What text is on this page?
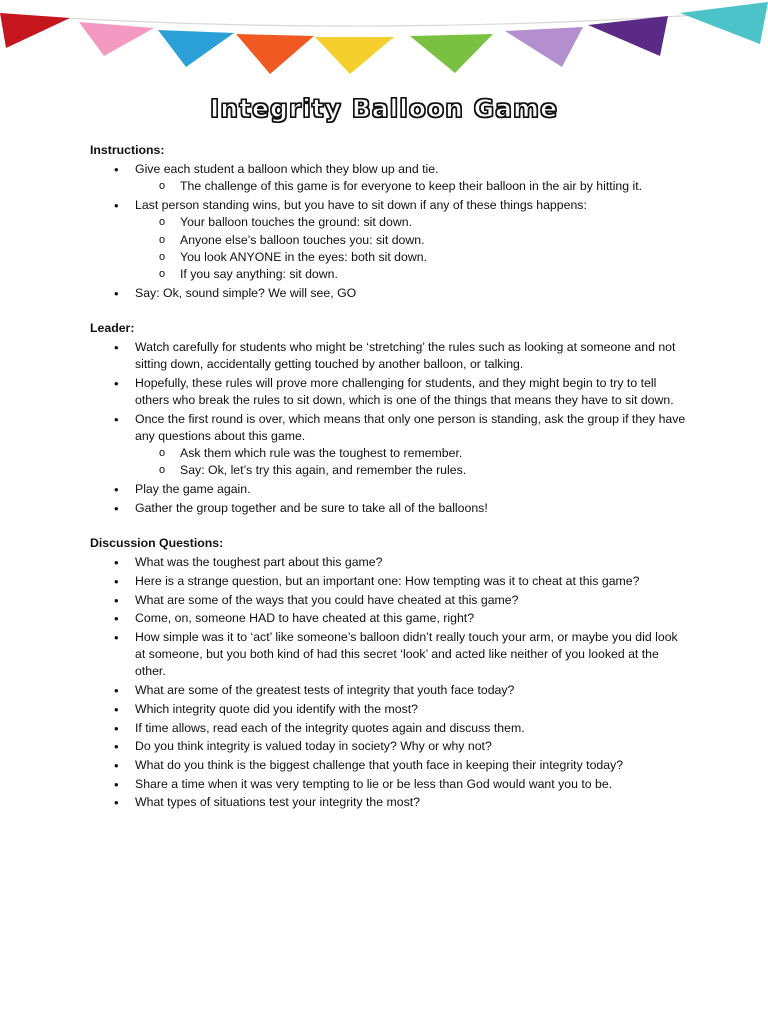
Integrity Balloon Game
Instructions:
• Give each student a balloon which they blow up and tie.
o The challenge of this game is for everyone to keep their balloon in the air by hitting it.
• Last person standing wins, but you have to sit down if any of these things happens:
o Your balloon touches the ground: sit down.
o Anyone else’s balloon touches you: sit down.
o You look ANYONE in the eyes: both sit down.
o If you say anything: sit down.
• Say: Ok, sound simple? We will see, GO
Leader:
• Watch carefully for students who might be ‘stretching’ the rules such as looking at someone and not sitting down, accidentally getting touched by another balloon, or talking.
• Hopefully, these rules will prove more challenging for students, and they might begin to try to tell others who break the rules to sit down, which is one of the things that means they have to sit down.
• Once the first round is over, which means that only one person is standing, ask the group if they have any questions about this game.
o Ask them which rule was the toughest to remember.
o Say: Ok, let’s try this again, and remember the rules.
• Play the game again.
• Gather the group together and be sure to take all of the balloons!
Discussion Questions:
• What was the toughest part about this game?
• Here is a strange question, but an important one: How tempting was it to cheat at this game?
• What are some of the ways that you could have cheated at this game?
• Come, on, someone HAD to have cheated at this game, right?
• How simple was it to ‘act’ like someone’s balloon didn’t really touch your arm, or maybe you did look at someone, but you both kind of had this secret ‘look’ and acted like neither of you looked at the other.
• What are some of the greatest tests of integrity that youth face today?
• Which integrity quote did you identify with the most?
• If time allows, read each of the integrity quotes again and discuss them.
• Do you think integrity is valued today in society? Why or why not?
• What do you think is the biggest challenge that youth face in keeping their integrity today?
• Share a time when it was very tempting to lie or be less than God would want you to be.
• What types of situations test your integrity the most?
